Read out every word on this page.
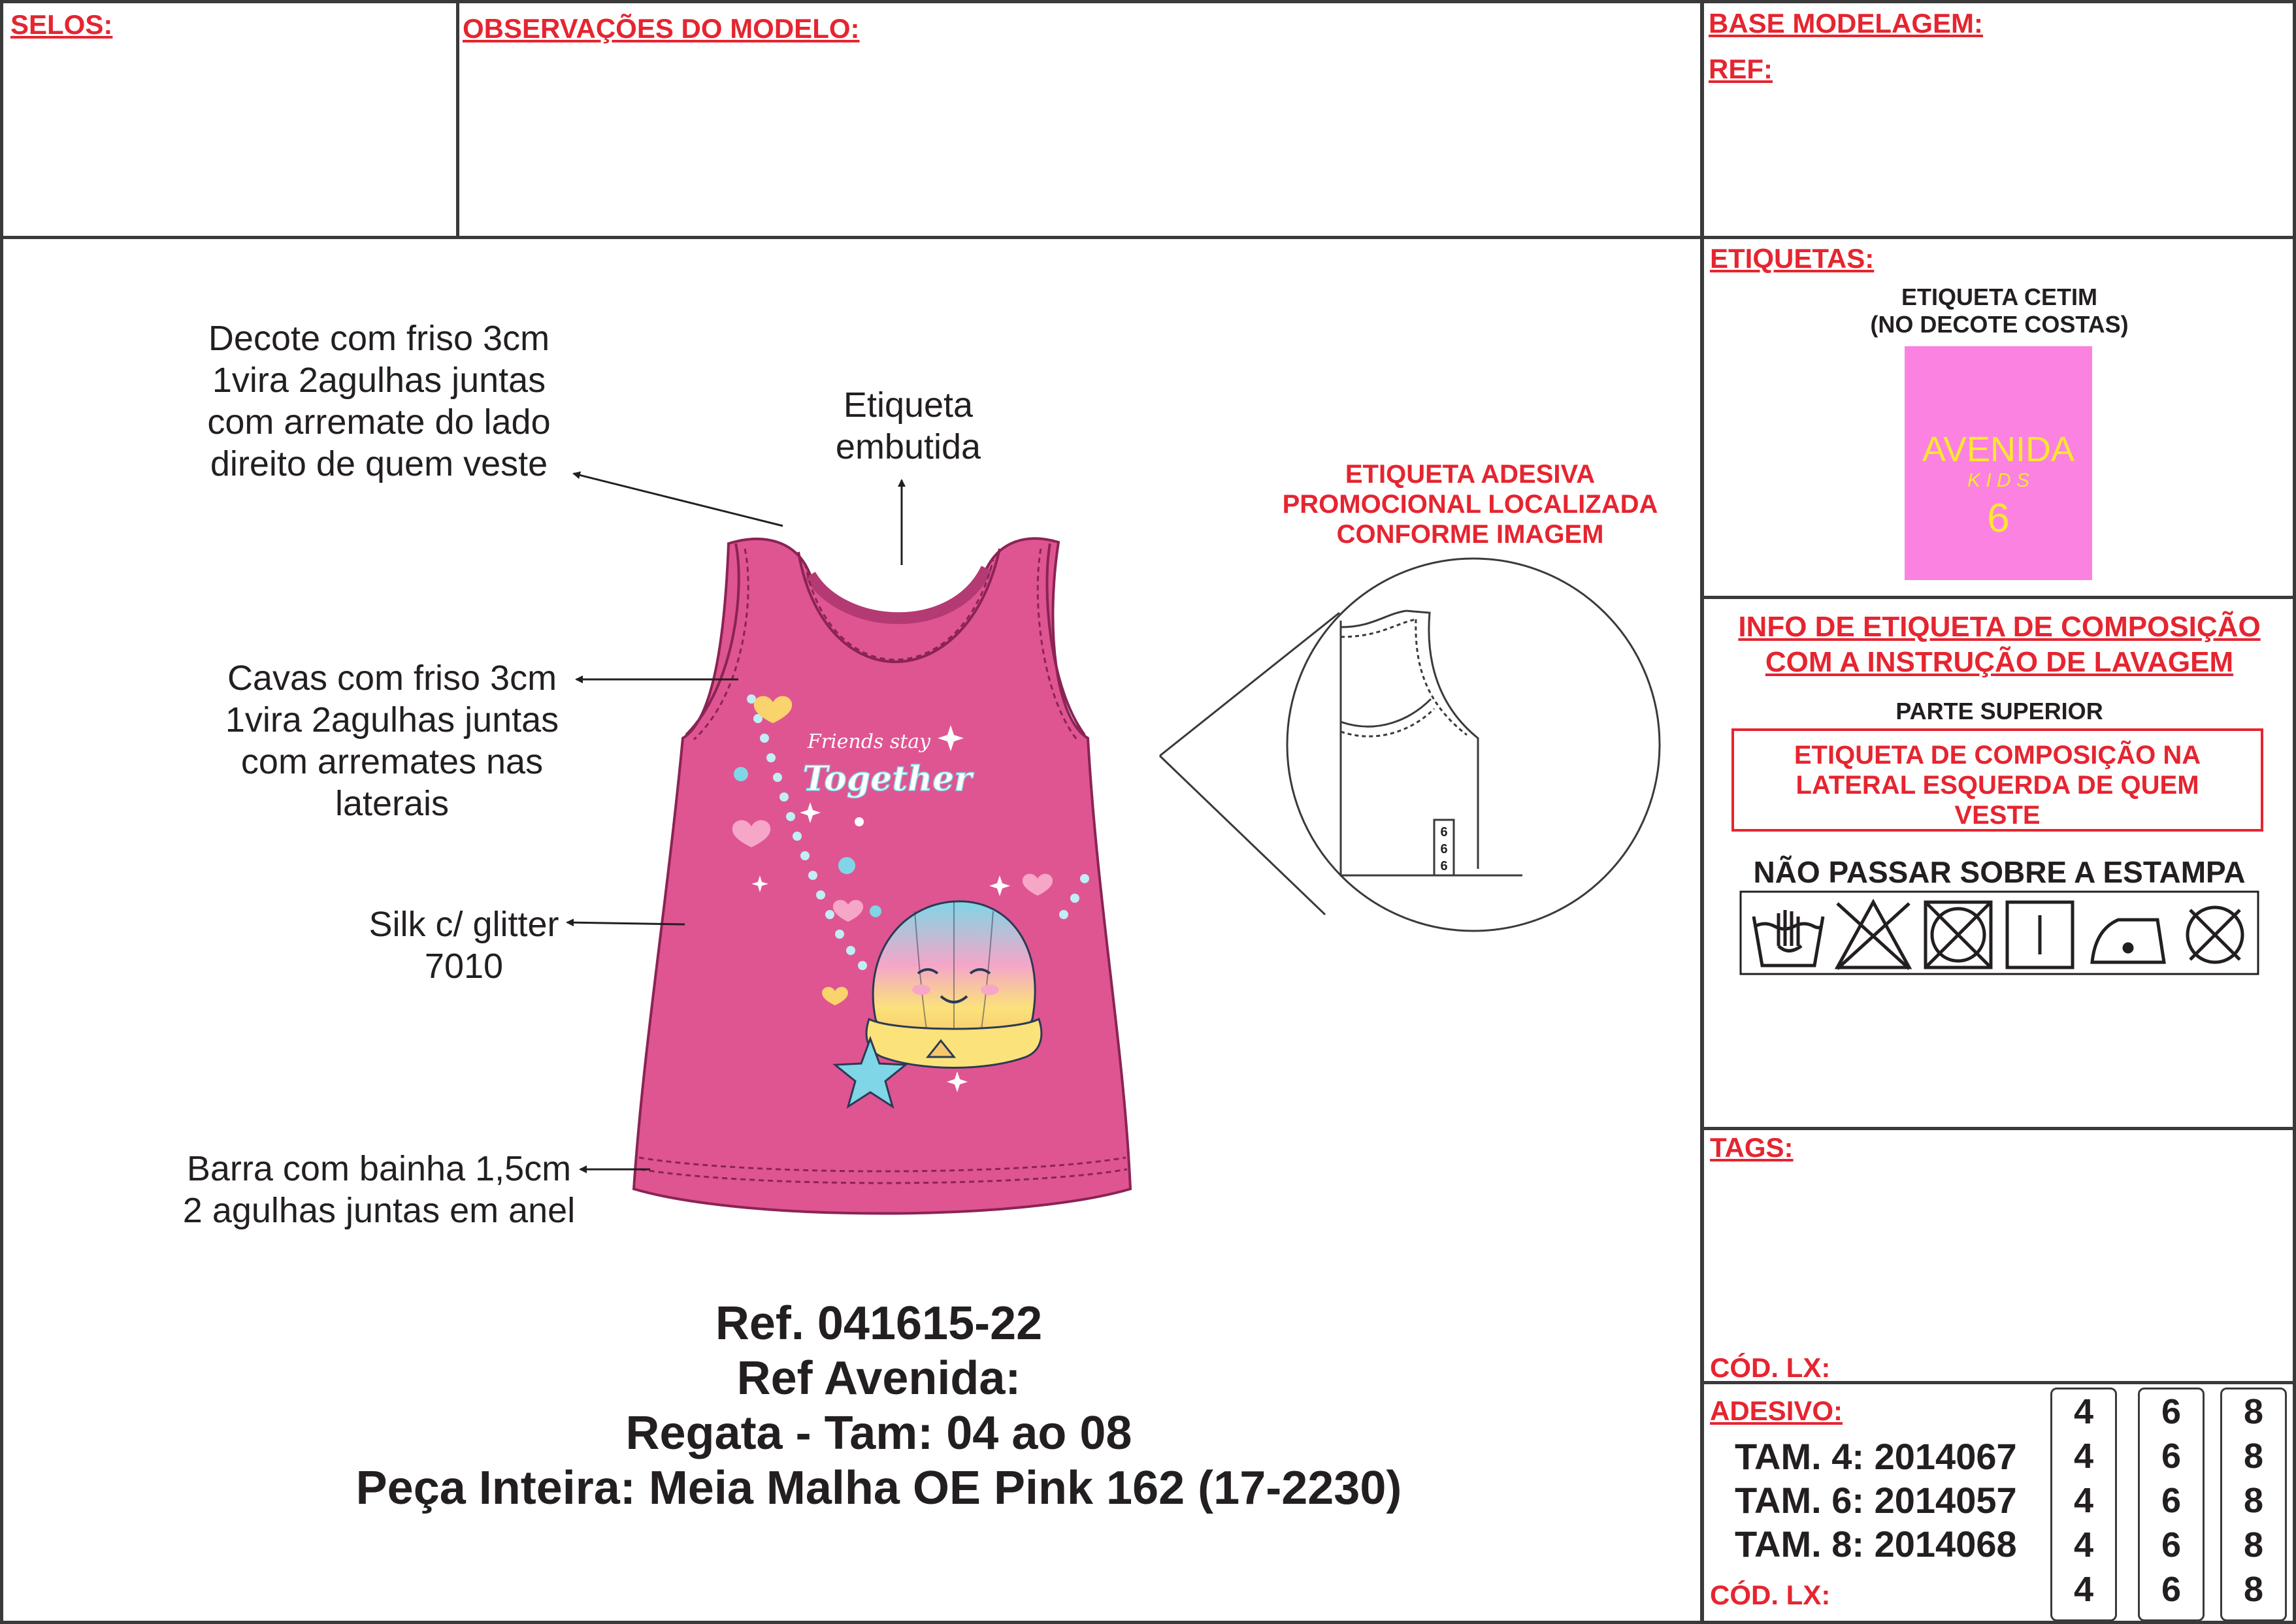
SELOS:	OBSERVAÇÕES DO MODELO:	BASE MODELAGEM:
REF:
Decote com friso 3cm
1vira 2agulhas juntas
com arremate do lado
direito de quem veste
Etiqueta
embutida
Cavas com friso 3cm
1vira 2agulhas juntas
com arremates nas
laterais
Silk c/ glitter
7010
Barra com bainha 1,5cm
2 agulhas juntas em anel
ETIQUETA ADESIVA
PROMOCIONAL LOCALIZADA
CONFORME IMAGEM
Friends stay
Together
6
6
6
Ref. 041615-22
Ref Avenida:
Regata - Tam: 04 ao 08
Peça Inteira: Meia Malha OE Pink 162 (17-2230)
ETIQUETAS:
ETIQUETA CETIM
(NO DECOTE COSTAS)
AVENIDA
K I D S
6
INFO DE ETIQUETA DE COMPOSIÇÃO
COM A INSTRUÇÃO DE LAVAGEM
PARTE SUPERIOR
ETIQUETA DE COMPOSIÇÃO NA
LATERAL ESQUERDA DE QUEM
VESTE
NÃO PASSAR SOBRE A ESTAMPA
TAGS:
CÓD. LX:
ADESIVO:
TAM. 4: 2014067
TAM. 6: 2014057
TAM. 8: 2014068
CÓD. LX:
4
4
4
4
4
6
6
6
6
6
8
8
8
8
8
